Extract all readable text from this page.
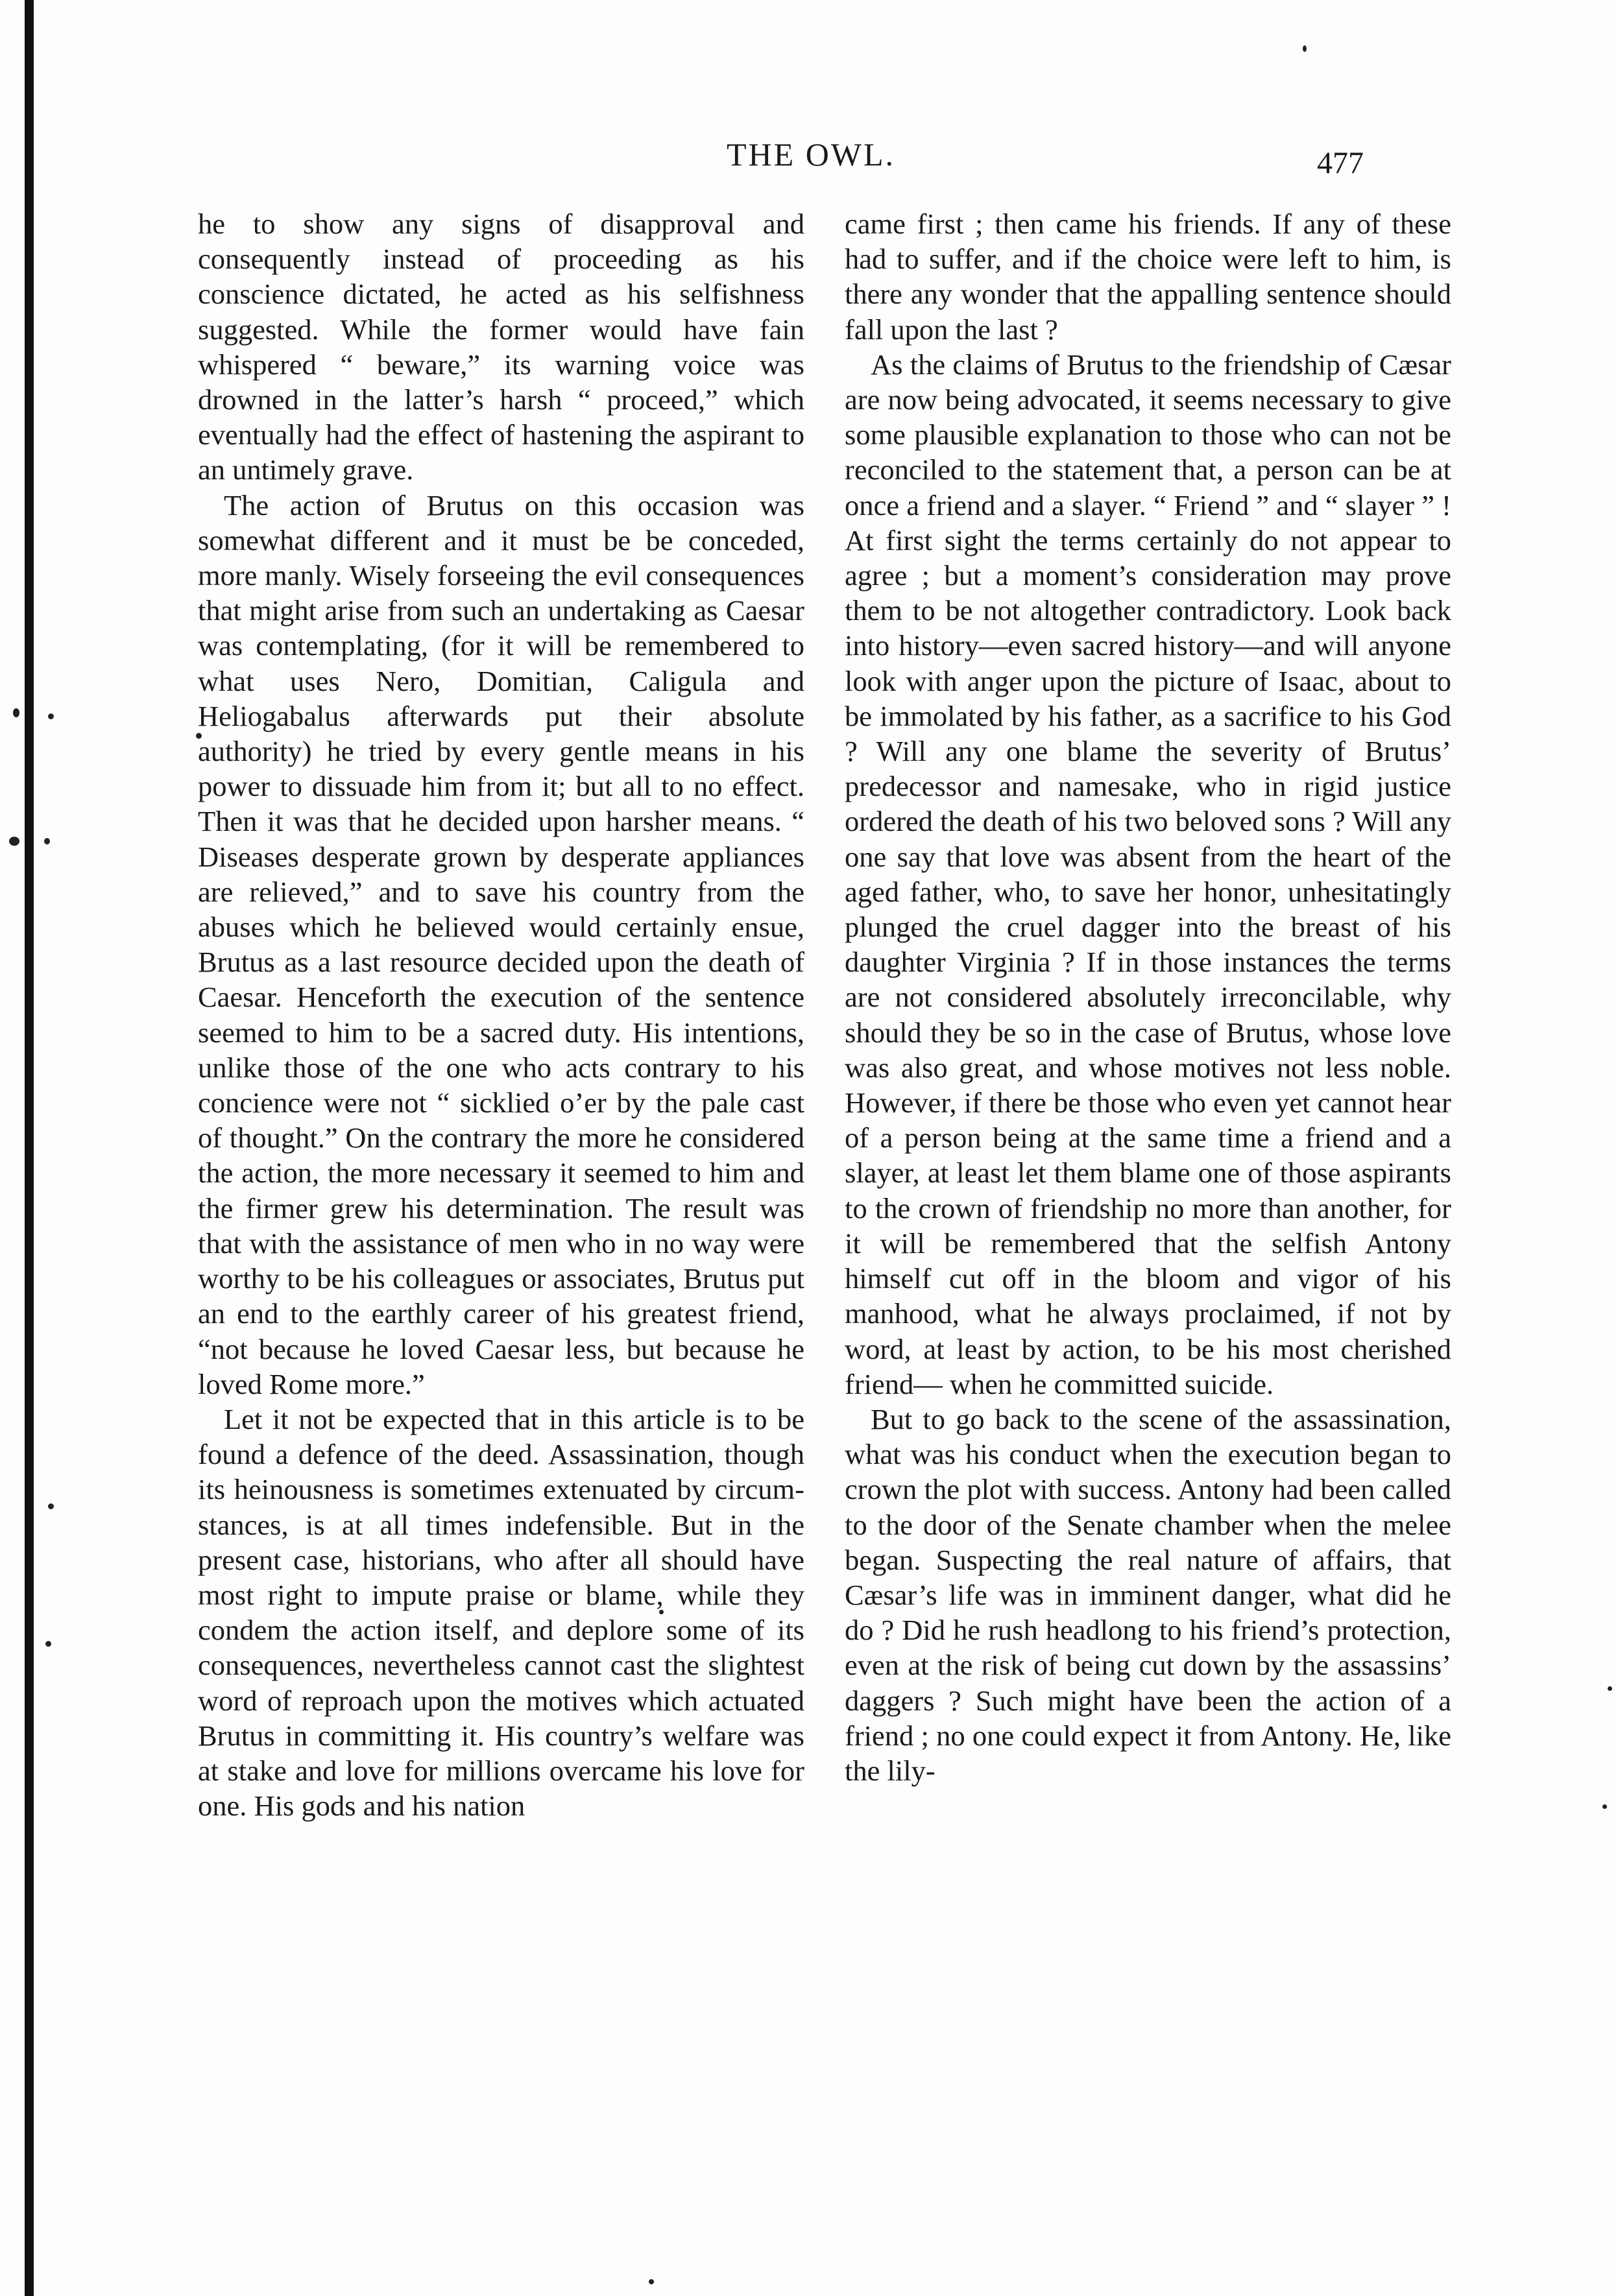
THE OWL.	477

he to show any signs of disapproval and consequently instead of proceeding as his conscience dictated, he acted as his selfishness suggested. While the former would have fain whispered “ beware,” its warning voice was drowned in the latter’s harsh “ proceed,” which eventually had the effect of hastening the aspirant to an untimely grave.

The action of Brutus on this occasion was somewhat different and it must be be conceded, more manly. Wisely forseeing the evil consequences that might arise from such an undertaking as Caesar was contemplating, (for it will be remembered to what uses Nero, Domitian, Caligula and Heliogabalus afterwards put their absolute authority) he tried by every gentle means in his power to dissuade him from it; but all to no effect. Then it was that he decided upon harsher means. “ Diseases desperate grown by desperate appliances are relieved,” and to save his country from the abuses which he believed would certainly ensue, Brutus as a last resource decided upon the death of Caesar. Henceforth the execution of the sentence seemed to him to be a sacred duty. His intentions, unlike those of the one who acts contrary to his concience were not “ sicklied o’er by the pale cast of thought.” On the contrary the more he considered the action, the more necessary it seemed to him and the firmer grew his determination. The result was that with the assistance of men who in no way were worthy to be his colleagues or associates, Brutus put an end to the earthly career of his greatest friend, “not because he loved Caesar less, but because he loved Rome more.”

Let it not be expected that in this article is to be found a defence of the deed. Assassination, though its heinousness is sometimes extenuated by circumstances, is at all times indefensible. But in the present case, historians, who after all should have most right to impute praise or blame, while they condem the action itself, and deplore some of its consequences, nevertheless cannot cast the slightest word of reproach upon the motives which actuated Brutus in committing it. His country’s welfare was at stake and love for millions overcame his love for one. His gods and his nation

came first ; then came his friends. If any of these had to suffer, and if the choice were left to him, is there any wonder that the appalling sentence should fall upon the last ?

As the claims of Brutus to the friendship of Cæsar are now being advocated, it seems necessary to give some plausible explanation to those who can not be reconciled to the statement that, a person can be at once a friend and a slayer. “ Friend ” and “ slayer ” ! At first sight the terms certainly do not appear to agree ; but a moment’s consideration may prove them to be not altogether contradictory. Look back into history—even sacred history—and will anyone look with anger upon the picture of Isaac, about to be immolated by his father, as a sacrifice to his God ? Will any one blame the severity of Brutus’ predecessor and namesake, who in rigid justice ordered the death of his two beloved sons ? Will any one say that love was absent from the heart of the aged father, who, to save her honor, unhesitatingly plunged the cruel dagger into the breast of his daughter Virginia ? If in those instances the terms are not considered absolutely irreconcilable, why should they be so in the case of Brutus, whose love was also great, and whose motives not less noble. However, if there be those who even yet cannot hear of a person being at the same time a friend and a slayer, at least let them blame one of those aspirants to the crown of friendship no more than another, for it will be remembered that the selfish Antony himself cut off in the bloom and vigor of his manhood, what he always proclaimed, if not by word, at least by action, to be his most cherished friend— when he committed suicide.

But to go back to the scene of the assassination, what was his conduct when the execution began to crown the plot with success. Antony had been called to the door of the Senate chamber when the melee began. Suspecting the real nature of affairs, that Cæsar’s life was in imminent danger, what did he do ? Did he rush headlong to his friend’s protection, even at the risk of being cut down by the assassins’ daggers ? Such might have been the action of a friend ; no one could expect it from Antony. He, like the lily-
